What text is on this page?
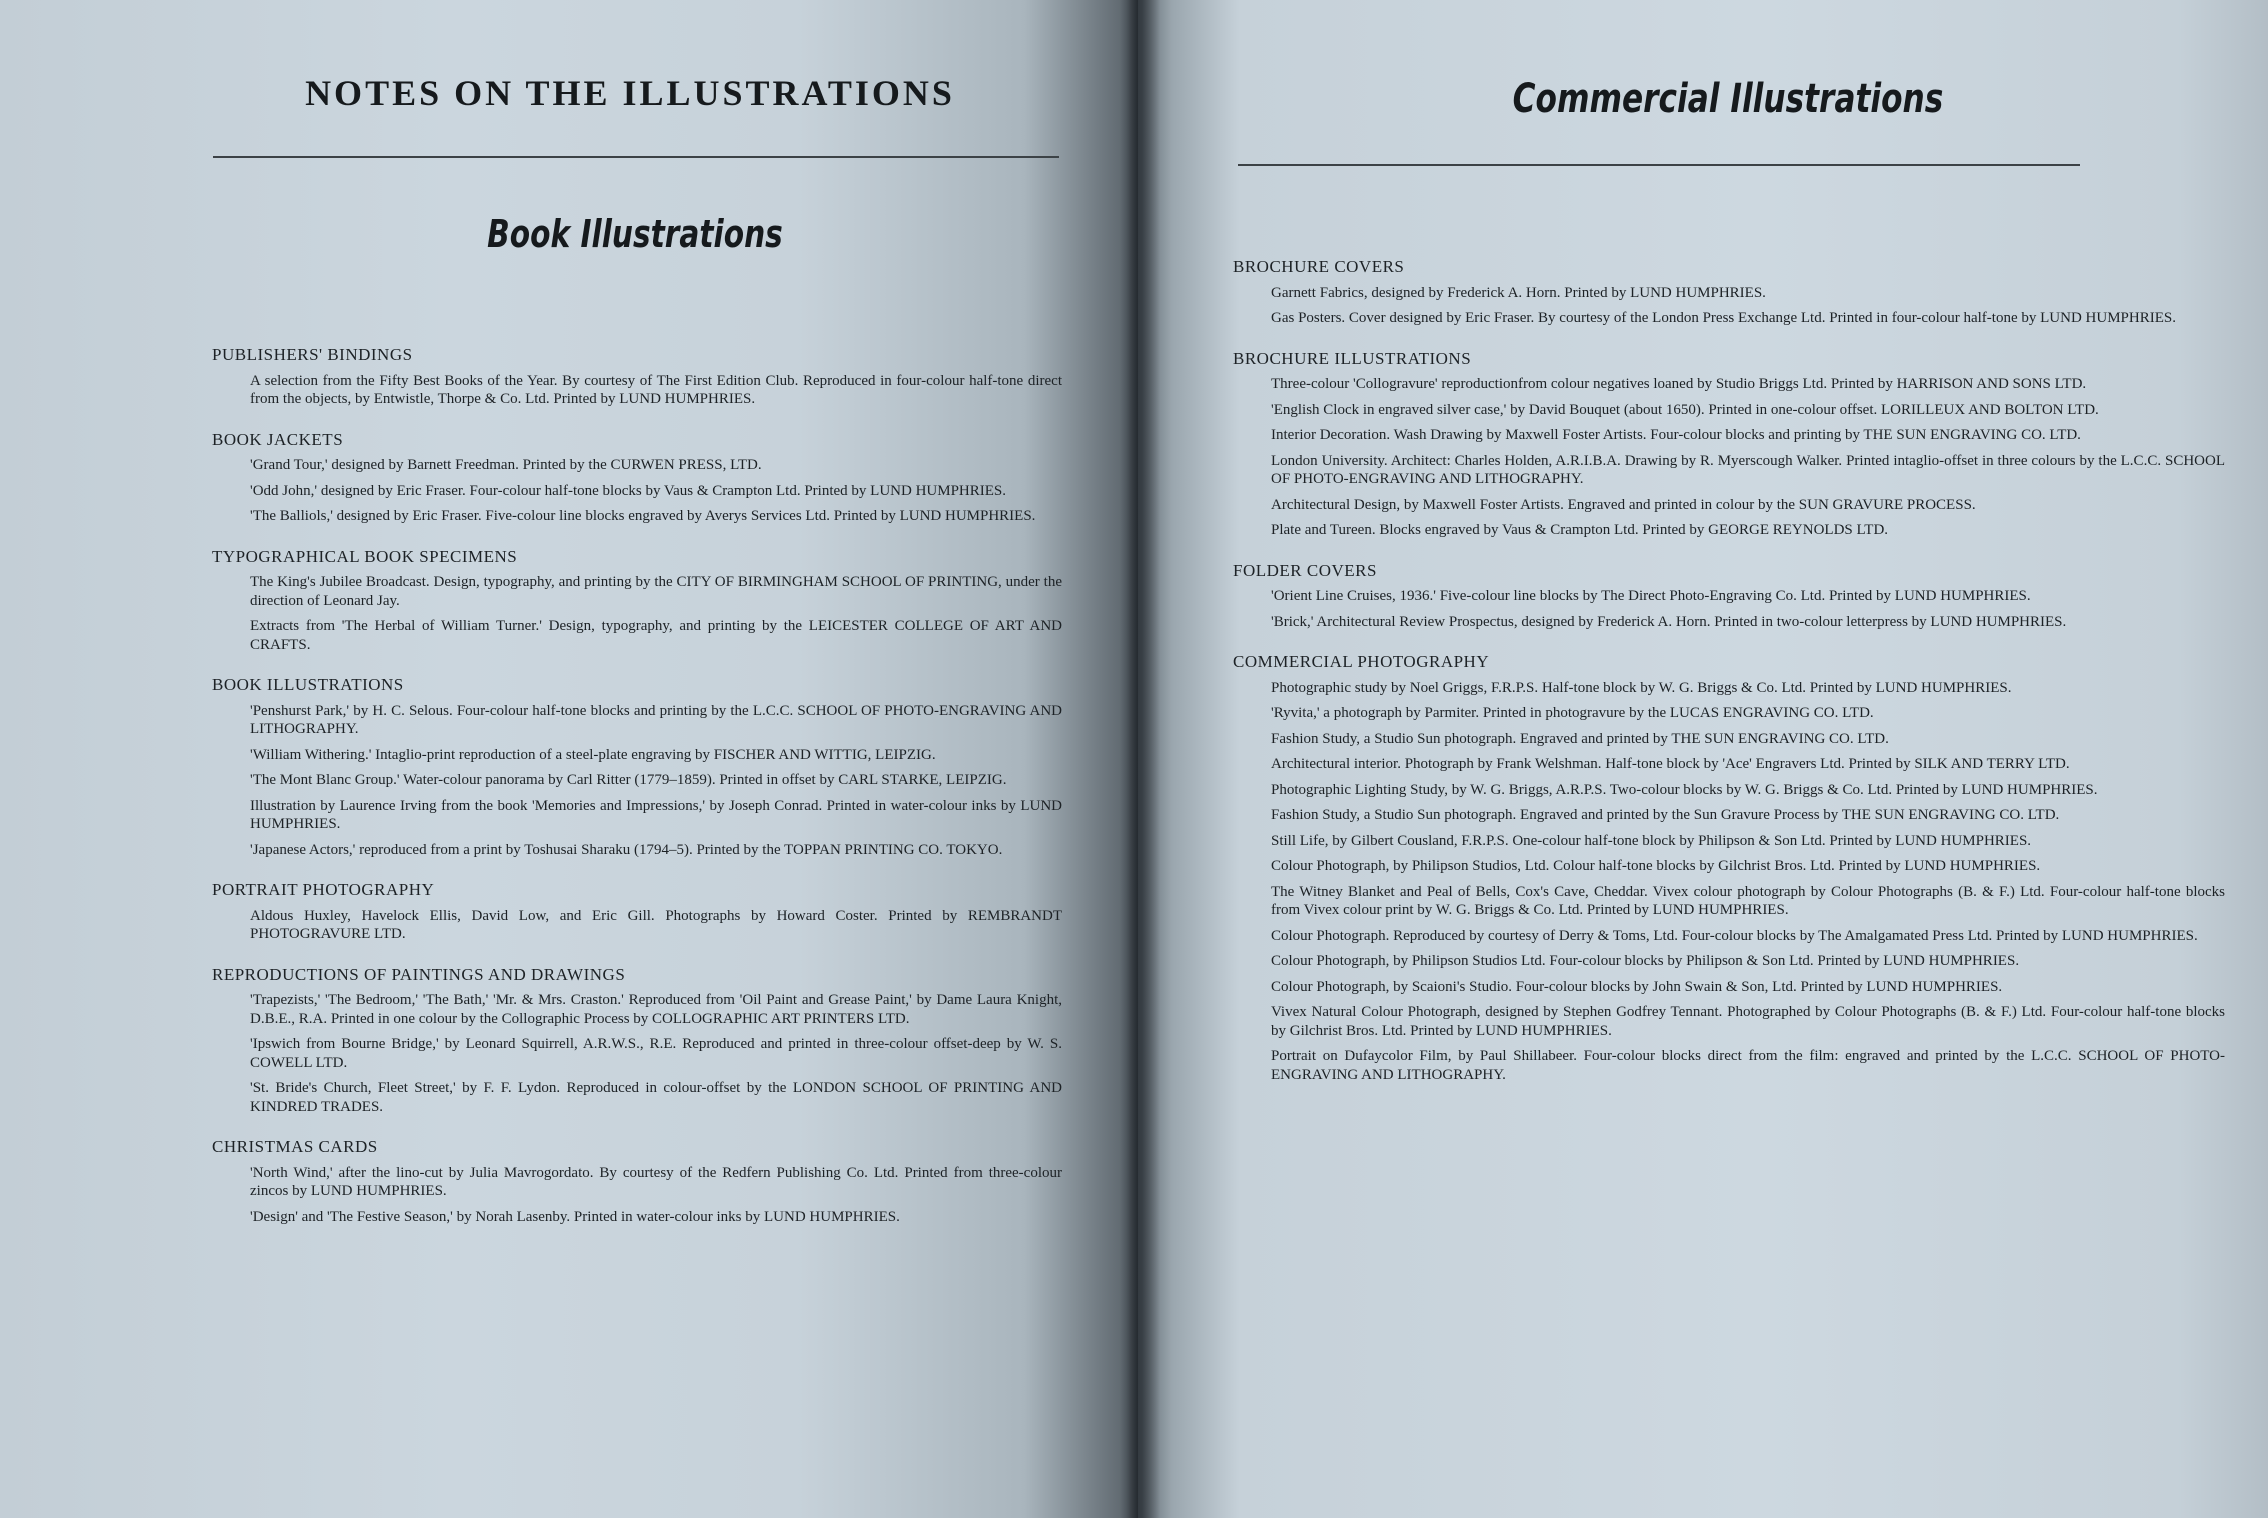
NOTES ON THE ILLUSTRATIONS
Book Illustrations
PUBLISHERS' BINDINGS
A selection from the Fifty Best Books of the Year. By courtesy of The First Edition Club. Reproduced in four-colour half-tone direct from the objects, by Entwistle, Thorpe & Co. Ltd. Printed by LUND HUMPHRIES.
BOOK JACKETS
'Grand Tour,' designed by Barnett Freedman. Printed by the CURWEN PRESS, LTD.
'Odd John,' designed by Eric Fraser. Four-colour half-tone blocks by Vaus & Crampton Ltd. Printed by LUND HUMPHRIES.
'The Balliols,' designed by Eric Fraser. Five-colour line blocks engraved by Averys Services Ltd. Printed by LUND HUMPHRIES.
TYPOGRAPHICAL BOOK SPECIMENS
The King's Jubilee Broadcast. Design, typography, and printing by the CITY OF BIRMINGHAM SCHOOL OF PRINTING, under the direction of Leonard Jay.
Extracts from 'The Herbal of William Turner.' Design, typography, and printing by the LEICESTER COLLEGE OF ART AND CRAFTS.
BOOK ILLUSTRATIONS
'Penshurst Park,' by H. C. Selous. Four-colour half-tone blocks and printing by the L.C.C. SCHOOL OF PHOTO-ENGRAVING AND LITHOGRAPHY.
'William Withering.' Intaglio-print reproduction of a steel-plate engraving by FISCHER AND WITTIG, LEIPZIG.
'The Mont Blanc Group.' Water-colour panorama by Carl Ritter (1779–1859). Printed in offset by CARL STARKE, LEIPZIG.
Illustration by Laurence Irving from the book 'Memories and Impressions,' by Joseph Conrad. Printed in water-colour inks by LUND HUMPHRIES.
'Japanese Actors,' reproduced from a print by Toshusai Sharaku (1794–5). Printed by the TOPPAN PRINTING CO. TOKYO.
PORTRAIT PHOTOGRAPHY
Aldous Huxley, Havelock Ellis, David Low, and Eric Gill. Photographs by Howard Coster. Printed by REMBRANDT PHOTOGRAVURE LTD.
REPRODUCTIONS OF PAINTINGS AND DRAWINGS
'Trapezists,' 'The Bedroom,' 'The Bath,' 'Mr. & Mrs. Craston.' Reproduced from 'Oil Paint and Grease Paint,' by Dame Laura Knight, D.B.E., R.A. Printed in one colour by the Collographic Process by COLLOGRAPHIC ART PRINTERS LTD.
'Ipswich from Bourne Bridge,' by Leonard Squirrell, A.R.W.S., R.E. Reproduced and printed in three-colour offset-deep by W. S. COWELL LTD.
'St. Bride's Church, Fleet Street,' by F. F. Lydon. Reproduced in colour-offset by the LONDON SCHOOL OF PRINTING AND KINDRED TRADES.
CHRISTMAS CARDS
'North Wind,' after the lino-cut by Julia Mavrogordato. By courtesy of the Redfern Publishing Co. Ltd. Printed from three-colour zincos by LUND HUMPHRIES.
'Design' and 'The Festive Season,' by Norah Lasenby. Printed in water-colour inks by LUND HUMPHRIES.
Commercial Illustrations
BROCHURE COVERS
Garnett Fabrics, designed by Frederick A. Horn. Printed by LUND HUMPHRIES.
Gas Posters. Cover designed by Eric Fraser. By courtesy of the London Press Exchange Ltd. Printed in four-colour half-tone by LUND HUMPHRIES.
BROCHURE ILLUSTRATIONS
Three-colour 'Collogravure' reproductionfrom colour negatives loaned by Studio Briggs Ltd. Printed by HARRISON AND SONS LTD.
'English Clock in engraved silver case,' by David Bouquet (about 1650). Printed in one-colour offset. LORILLEUX AND BOLTON LTD.
Interior Decoration. Wash Drawing by Maxwell Foster Artists. Four-colour blocks and printing by THE SUN ENGRAVING CO. LTD.
London University. Architect: Charles Holden, A.R.I.B.A. Drawing by R. Myerscough Walker. Printed intaglio-offset in three colours by the L.C.C. SCHOOL OF PHOTO-ENGRAVING AND LITHOGRAPHY.
Architectural Design, by Maxwell Foster Artists. Engraved and printed in colour by the SUN GRAVURE PROCESS.
Plate and Tureen. Blocks engraved by Vaus & Crampton Ltd. Printed by GEORGE REYNOLDS LTD.
FOLDER COVERS
'Orient Line Cruises, 1936.' Five-colour line blocks by The Direct Photo-Engraving Co. Ltd. Printed by LUND HUMPHRIES.
'Brick,' Architectural Review Prospectus, designed by Frederick A. Horn. Printed in two-colour letterpress by LUND HUMPHRIES.
COMMERCIAL PHOTOGRAPHY
Photographic study by Noel Griggs, F.R.P.S. Half-tone block by W. G. Briggs & Co. Ltd. Printed by LUND HUMPHRIES.
'Ryvita,' a photograph by Parmiter. Printed in photogravure by the LUCAS ENGRAVING CO. LTD.
Fashion Study, a Studio Sun photograph. Engraved and printed by THE SUN ENGRAVING CO. LTD.
Architectural interior. Photograph by Frank Welshman. Half-tone block by 'Ace' Engravers Ltd. Printed by SILK AND TERRY LTD.
Photographic Lighting Study, by W. G. Briggs, A.R.P.S. Two-colour blocks by W. G. Briggs & Co. Ltd. Printed by LUND HUMPHRIES.
Fashion Study, a Studio Sun photograph. Engraved and printed by the Sun Gravure Process by THE SUN ENGRAVING CO. LTD.
Still Life, by Gilbert Cousland, F.R.P.S. One-colour half-tone block by Philipson & Son Ltd. Printed by LUND HUMPHRIES.
Colour Photograph, by Philipson Studios, Ltd. Colour half-tone blocks by Gilchrist Bros. Ltd. Printed by LUND HUMPHRIES.
The Witney Blanket and Peal of Bells, Cox's Cave, Cheddar. Vivex colour photograph by Colour Photographs (B. & F.) Ltd. Four-colour half-tone blocks from Vivex colour print by W. G. Briggs & Co. Ltd. Printed by LUND HUMPHRIES.
Colour Photograph. Reproduced by courtesy of Derry & Toms, Ltd. Four-colour blocks by The Amalgamated Press Ltd. Printed by LUND HUMPHRIES.
Colour Photograph, by Philipson Studios Ltd. Four-colour blocks by Philipson & Son Ltd. Printed by LUND HUMPHRIES.
Colour Photograph, by Scaioni's Studio. Four-colour blocks by John Swain & Son, Ltd. Printed by LUND HUMPHRIES.
Vivex Natural Colour Photograph, designed by Stephen Godfrey Tennant. Photographed by Colour Photographs (B. & F.) Ltd. Four-colour half-tone blocks by Gilchrist Bros. Ltd. Printed by LUND HUMPHRIES.
Portrait on Dufaycolor Film, by Paul Shillabeer. Four-colour blocks direct from the film: engraved and printed by the L.C.C. SCHOOL OF PHOTO-ENGRAVING AND LITHOGRAPHY.
